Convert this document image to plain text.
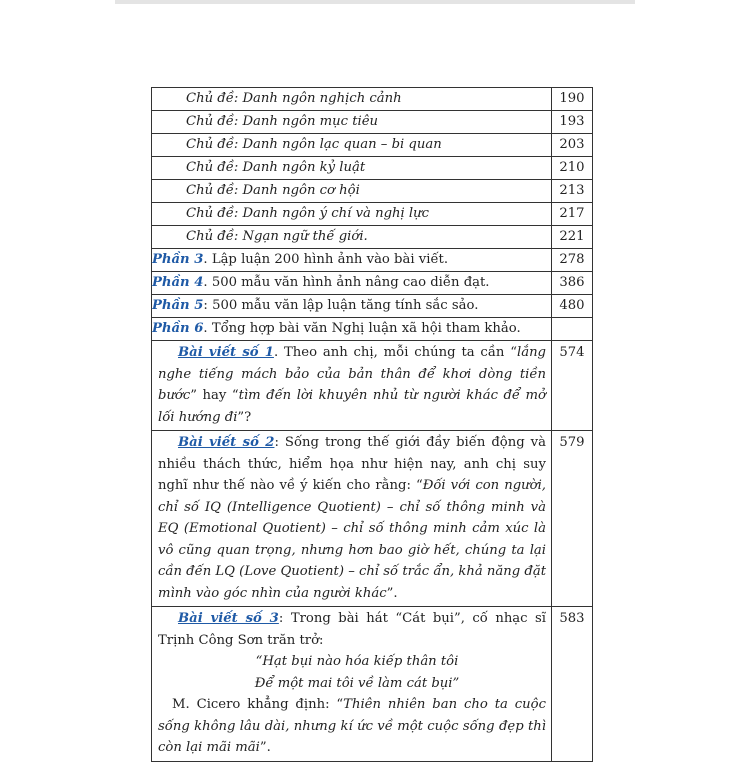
Chủ đề: Danh ngôn nghịch cảnh	190
Chủ đề: Danh ngôn mục tiêu	193
Chủ đề: Danh ngôn lạc quan – bi quan	203
Chủ đề: Danh ngôn kỷ luật	210
Chủ đề: Danh ngôn cơ hội	213
Chủ đề: Danh ngôn ý chí và nghị lực	217
Chủ đề: Ngạn ngữ thế giới.	221
Phần 3. Lập luận 200 hình ảnh vào bài viết.	278
Phần 4. 500 mẫu văn hình ảnh nâng cao diễn đạt.	386
Phần 5: 500 mẫu văn lập luận tăng tính sắc sảo.	480
Phần 6. Tổng hợp bài văn Nghị luận xã hội tham khảo.	

Bài viết số 1. Theo anh chị, mỗi chúng ta cần “lắng nghe tiếng mách bảo của bản thân để khơi dòng tiền bước” hay “tìm đến lời khuyên nhủ từ người khác để mở lối hướng đi”?	574

Bài viết số 2: Sống trong thế giới đầy biến động và nhiều thách thức, hiểm họa như hiện nay, anh chị suy nghĩ như thế nào về ý kiến cho rằng: “Đối với con người, chỉ số IQ (Intelligence Quotient) – chỉ số thông minh và EQ (Emotional Quotient) – chỉ số thông minh cảm xúc là vô cũng quan trọng, nhưng hơn bao giờ hết, chúng ta lại cần đến LQ (Love Quotient) – chỉ số trắc ẩn, khả năng đặt mình vào góc nhìn của người khác”.	579

Bài viết số 3: Trong bài hát “Cát bụi”, cố nhạc sĩ Trịnh Công Sơn trăn trở:
“Hạt bụi nào hóa kiếp thân tôi
Để một mai tôi về làm cát bụi”
M. Cicero khẳng định: “Thiên nhiên ban cho ta cuộc sống không lâu dài, nhưng kí ức về một cuộc sống đẹp thì còn lại mãi mãi”.	583
